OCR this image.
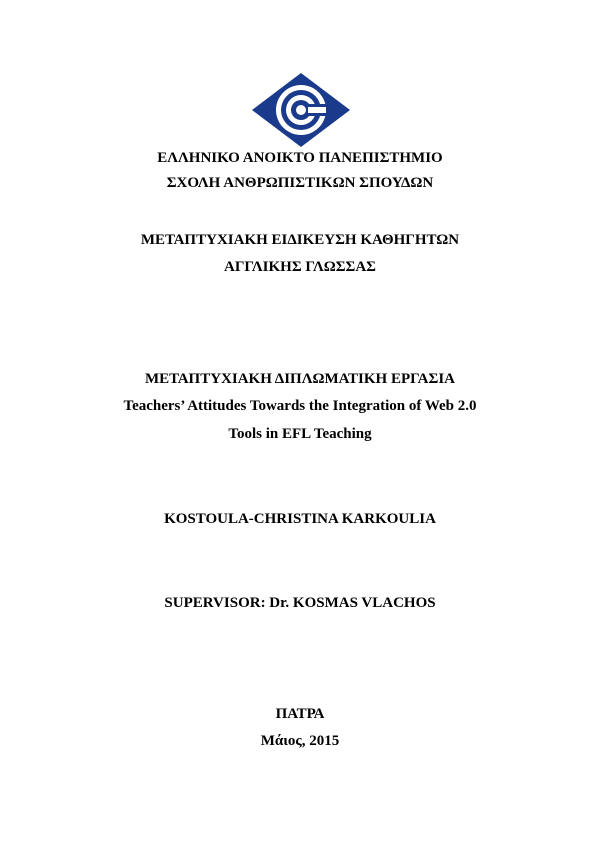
ΕΛΛΗΝΙΚΟ ΑΝΟΙΚΤΟ ΠΑΝΕΠΙΣΤΗΜΙΟ
ΣΧΟΛΗ ΑΝΘΡΩΠΙΣΤΙΚΩΝ ΣΠΟΥΔΩΝ
ΜΕΤΑΠΤΥΧΙΑΚΗ ΕΙΔΙΚΕΥΣΗ ΚΑΘΗΓΗΤΩΝ
ΑΓΓΛΙΚΗΣ ΓΛΩΣΣΑΣ
ΜΕΤΑΠΤΥΧΙΑΚΗ ΔΙΠΛΩΜΑΤΙΚΗ ΕΡΓΑΣΙΑ
Teachers’ Attitudes Towards the Integration of Web 2.0
Tools in EFL Teaching
KOSTOULA-CHRISTINA KARKOULIA
SUPERVISOR: Dr. KOSMAS VLACHOS
ΠΑΤΡΑ
Μάιος, 2015
